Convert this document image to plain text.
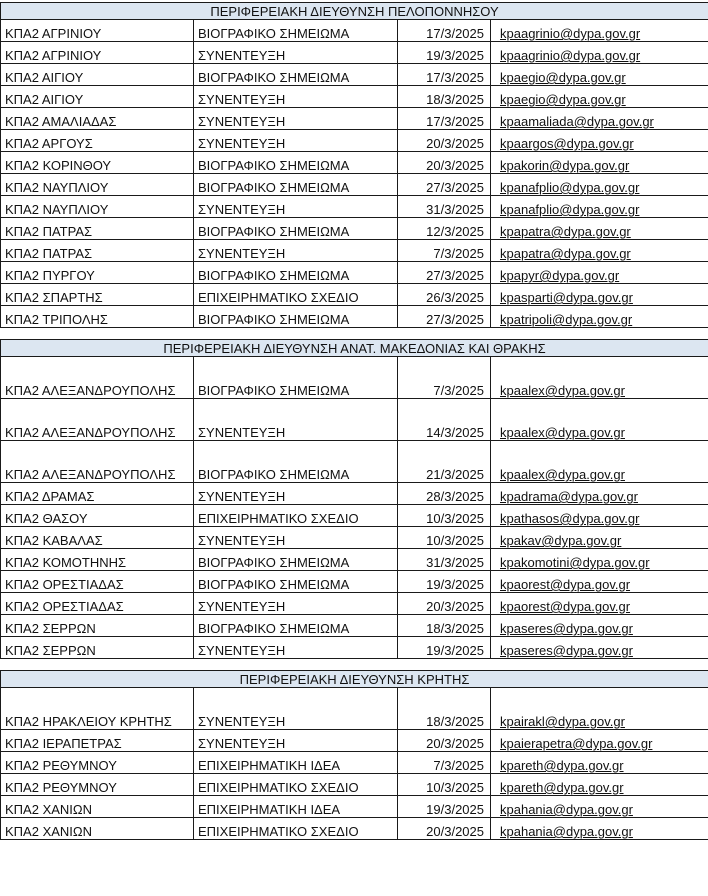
ΠΕΡΙΦΕΡΕΙΑΚΗ ΔΙΕΥΘΥΝΣΗ ΠΕΛΟΠΟΝΝΗΣΟΥ			
ΚΠΑ2 ΑΓΡΙΝΙΟΥ	ΒΙΟΓΡΑΦΙΚΟ ΣΗΜΕΙΩΜΑ	17/3/2025	kpaagrinio@dypa.gov.gr
ΚΠΑ2 ΑΓΡΙΝΙΟΥ	ΣΥΝΕΝΤΕΥΞΗ	19/3/2025	kpaagrinio@dypa.gov.gr
ΚΠΑ2 ΑΙΓΙΟΥ	ΒΙΟΓΡΑΦΙΚΟ ΣΗΜΕΙΩΜΑ	17/3/2025	kpaegio@dypa.gov.gr
ΚΠΑ2 ΑΙΓΙΟΥ	ΣΥΝΕΝΤΕΥΞΗ	18/3/2025	kpaegio@dypa.gov.gr
ΚΠΑ2 ΑΜΑΛΙΑΔΑΣ	ΣΥΝΕΝΤΕΥΞΗ	17/3/2025	kpaamaliada@dypa.gov.gr
ΚΠΑ2 ΑΡΓΟΥΣ	ΣΥΝΕΝΤΕΥΞΗ	20/3/2025	kpaargos@dypa.gov.gr
ΚΠΑ2 ΚΟΡΙΝΘΟΥ	ΒΙΟΓΡΑΦΙΚΟ ΣΗΜΕΙΩΜΑ	20/3/2025	kpakorin@dypa.gov.gr
ΚΠΑ2 ΝΑΥΠΛΙΟΥ	ΒΙΟΓΡΑΦΙΚΟ ΣΗΜΕΙΩΜΑ	27/3/2025	kpanafplio@dypa.gov.gr
ΚΠΑ2 ΝΑΥΠΛΙΟΥ	ΣΥΝΕΝΤΕΥΞΗ	31/3/2025	kpanafplio@dypa.gov.gr
ΚΠΑ2 ΠΑΤΡΑΣ	ΒΙΟΓΡΑΦΙΚΟ ΣΗΜΕΙΩΜΑ	12/3/2025	kpapatra@dypa.gov.gr
ΚΠΑ2 ΠΑΤΡΑΣ	ΣΥΝΕΝΤΕΥΞΗ	7/3/2025	kpapatra@dypa.gov.gr
ΚΠΑ2 ΠΥΡΓΟΥ	ΒΙΟΓΡΑΦΙΚΟ ΣΗΜΕΙΩΜΑ	27/3/2025	kpapyr@dypa.gov.gr
ΚΠΑ2 ΣΠΑΡΤΗΣ	ΕΠΙΧΕΙΡΗΜΑΤΙΚΟ ΣΧΕΔΙΟ	26/3/2025	kpasparti@dypa.gov.gr
ΚΠΑ2 ΤΡΙΠΟΛΗΣ	ΒΙΟΓΡΑΦΙΚΟ ΣΗΜΕΙΩΜΑ	27/3/2025	kpatripoli@dypa.gov.gr

ΠΕΡΙΦΕΡΕΙΑΚΗ ΔΙΕΥΘΥΝΣΗ ΑΝΑΤ. ΜΑΚΕΔΟΝΙΑΣ ΚΑΙ ΘΡΑΚΗΣ			
ΚΠΑ2 ΑΛΕΞΑΝΔΡΟΥΠΟΛΗΣ	ΒΙΟΓΡΑΦΙΚΟ ΣΗΜΕΙΩΜΑ	7/3/2025	kpaalex@dypa.gov.gr
ΚΠΑ2 ΑΛΕΞΑΝΔΡΟΥΠΟΛΗΣ	ΣΥΝΕΝΤΕΥΞΗ	14/3/2025	kpaalex@dypa.gov.gr
ΚΠΑ2 ΑΛΕΞΑΝΔΡΟΥΠΟΛΗΣ	ΒΙΟΓΡΑΦΙΚΟ ΣΗΜΕΙΩΜΑ	21/3/2025	kpaalex@dypa.gov.gr
ΚΠΑ2 ΔΡΑΜΑΣ	ΣΥΝΕΝΤΕΥΞΗ	28/3/2025	kpadrama@dypa.gov.gr
ΚΠΑ2 ΘΑΣΟΥ	ΕΠΙΧΕΙΡΗΜΑΤΙΚΟ ΣΧΕΔΙΟ	10/3/2025	kpathasos@dypa.gov.gr
ΚΠΑ2 ΚΑΒΑΛΑΣ	ΣΥΝΕΝΤΕΥΞΗ	10/3/2025	kpakav@dypa.gov.gr
ΚΠΑ2 ΚΟΜΟΤΗΝΗΣ	ΒΙΟΓΡΑΦΙΚΟ ΣΗΜΕΙΩΜΑ	31/3/2025	kpakomotini@dypa.gov.gr
ΚΠΑ2 ΟΡΕΣΤΙΑΔΑΣ	ΒΙΟΓΡΑΦΙΚΟ ΣΗΜΕΙΩΜΑ	19/3/2025	kpaorest@dypa.gov.gr
ΚΠΑ2 ΟΡΕΣΤΙΑΔΑΣ	ΣΥΝΕΝΤΕΥΞΗ	20/3/2025	kpaorest@dypa.gov.gr
ΚΠΑ2 ΣΕΡΡΩΝ	ΒΙΟΓΡΑΦΙΚΟ ΣΗΜΕΙΩΜΑ	18/3/2025	kpaseres@dypa.gov.gr
ΚΠΑ2 ΣΕΡΡΩΝ	ΣΥΝΕΝΤΕΥΞΗ	19/3/2025	kpaseres@dypa.gov.gr

ΠΕΡΙΦΕΡΕΙΑΚΗ ΔΙΕΥΘΥΝΣΗ ΚΡΗΤΗΣ			
ΚΠΑ2 ΗΡΑΚΛΕΙΟΥ ΚΡΗΤΗΣ	ΣΥΝΕΝΤΕΥΞΗ	18/3/2025	kpairakl@dypa.gov.gr
ΚΠΑ2 ΙΕΡΑΠΕΤΡΑΣ	ΣΥΝΕΝΤΕΥΞΗ	20/3/2025	kpaierapetra@dypa.gov.gr
ΚΠΑ2 ΡΕΘΥΜΝΟΥ	ΕΠΙΧΕΙΡΗΜΑΤΙΚΗ ΙΔΕΑ	7/3/2025	kpareth@dypa.gov.gr
ΚΠΑ2 ΡΕΘΥΜΝΟΥ	ΕΠΙΧΕΙΡΗΜΑΤΙΚΟ ΣΧΕΔΙΟ	10/3/2025	kpareth@dypa.gov.gr
ΚΠΑ2 ΧΑΝΙΩΝ	ΕΠΙΧΕΙΡΗΜΑΤΙΚΗ ΙΔΕΑ	19/3/2025	kpahania@dypa.gov.gr
ΚΠΑ2 ΧΑΝΙΩΝ	ΕΠΙΧΕΙΡΗΜΑΤΙΚΟ ΣΧΕΔΙΟ	20/3/2025	kpahania@dypa.gov.gr
